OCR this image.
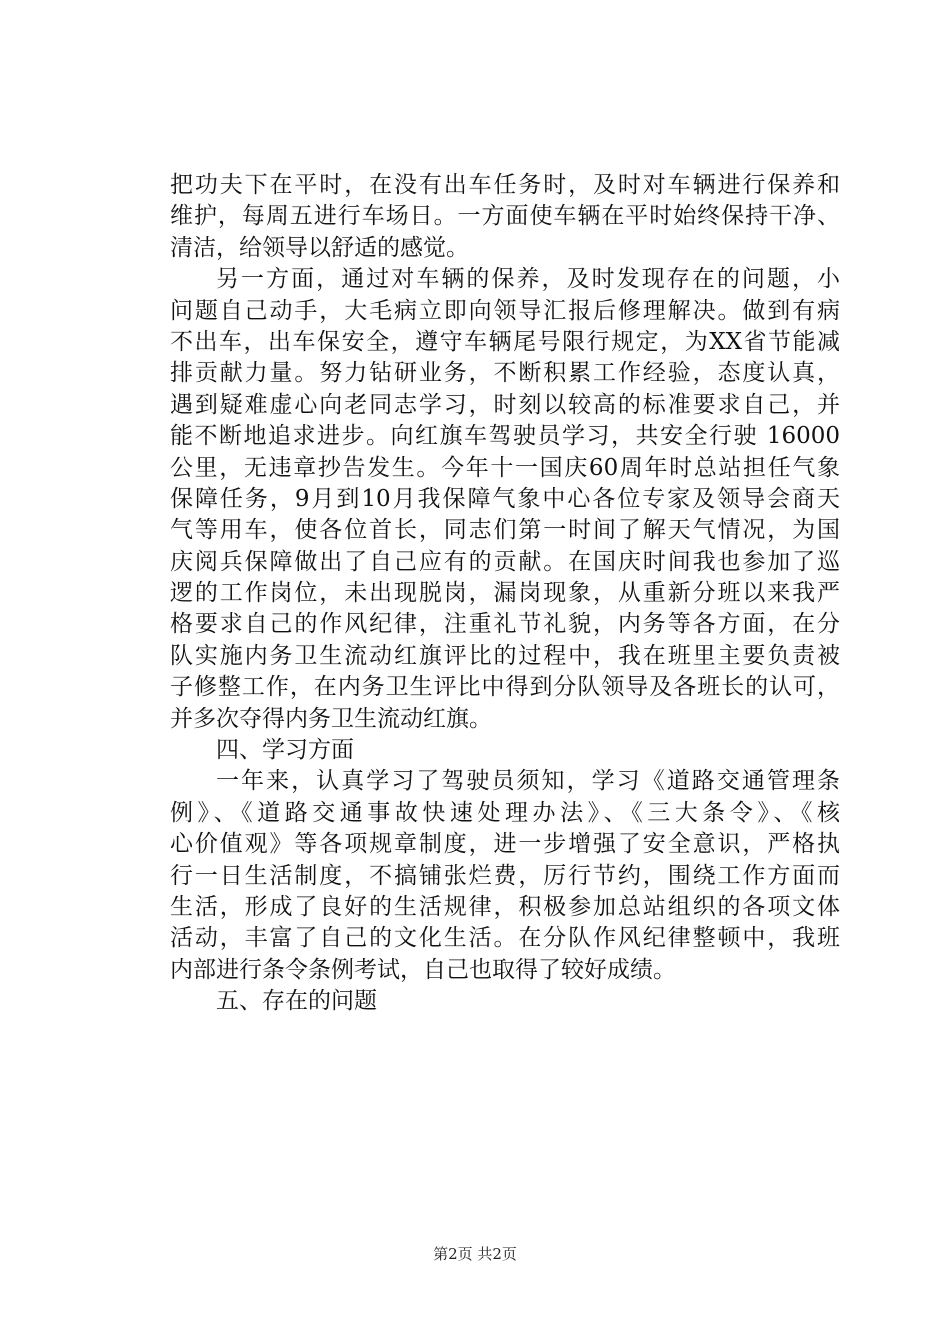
把功夫下在平时，在没有出车任务时，及时对车辆进行保养和
维护，每周五进行车场日。一方面使车辆在平时始终保持干净、
清洁，给领导以舒适的感觉。
另一方面，通过对车辆的保养，及时发现存在的问题，小
问题自己动手，大毛病立即向领导汇报后修理解决。做到有病
不出车，出车保安全，遵守车辆尾号限行规定，为XX省节能减
排贡献力量。努力钻研业务，不断积累工作经验，态度认真，
遇到疑难虚心向老同志学习，时刻以较高的标准要求自己，并
能不断地追求进步。向红旗车驾驶员学习，共安全行驶 16000
公里，无违章抄告发生。今年十一国庆60周年时总站担任气象
保障任务，9月到10月我保障气象中心各位专家及领导会商天
气等用车，使各位首长，同志们第一时间了解天气情况，为国
庆阅兵保障做出了自己应有的贡献。在国庆时间我也参加了巡
逻的工作岗位，未出现脱岗，漏岗现象，从重新分班以来我严
格要求自己的作风纪律，注重礼节礼貌，内务等各方面，在分
队实施内务卫生流动红旗评比的过程中，我在班里主要负责被
子修整工作，在内务卫生评比中得到分队领导及各班长的认可，
并多次夺得内务卫生流动红旗。
四、学习方面
一年来，认真学习了驾驶员须知，学习《道路交通管理条
例》、《道路交通事故快速处理办法》、《三大条令》、《核
心价值观》等各项规章制度，进一步增强了安全意识，严格执
行一日生活制度，不搞铺张烂费，厉行节约，围绕工作方面而
生活，形成了良好的生活规律，积极参加总站组织的各项文体
活动，丰富了自己的文化生活。在分队作风纪律整顿中，我班
内部进行条令条例考试，自己也取得了较好成绩。
五、存在的问题
第2页 共2页
